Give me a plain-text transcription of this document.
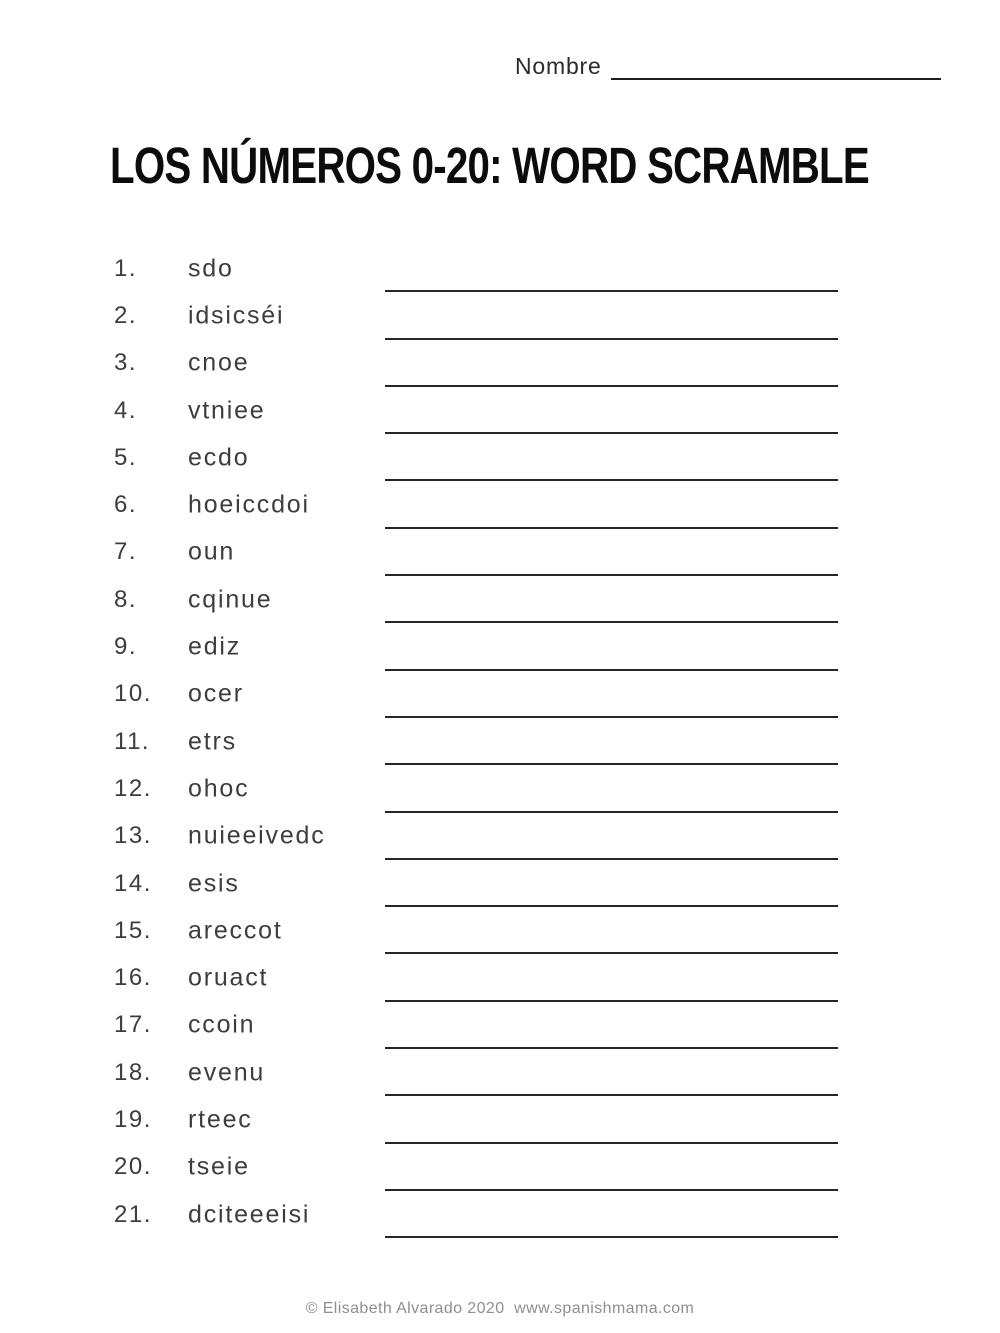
Nombre
LOS NÚMEROS 0-20: WORD SCRAMBLE
1. sdo
2. idsicséi
3. cnoe
4. vtniee
5. ecdo
6. hoeiccdoi
7. oun
8. cqinue
9. ediz
10. ocer
11. etrs
12. ohoc
13. nuieeivedc
14. esis
15. areccot
16. oruact
17. ccoin
18. evenu
19. rteec
20. tseie
21. dciteeeisi
© Elisabeth Alvarado 2020  www.spanishmama.com
